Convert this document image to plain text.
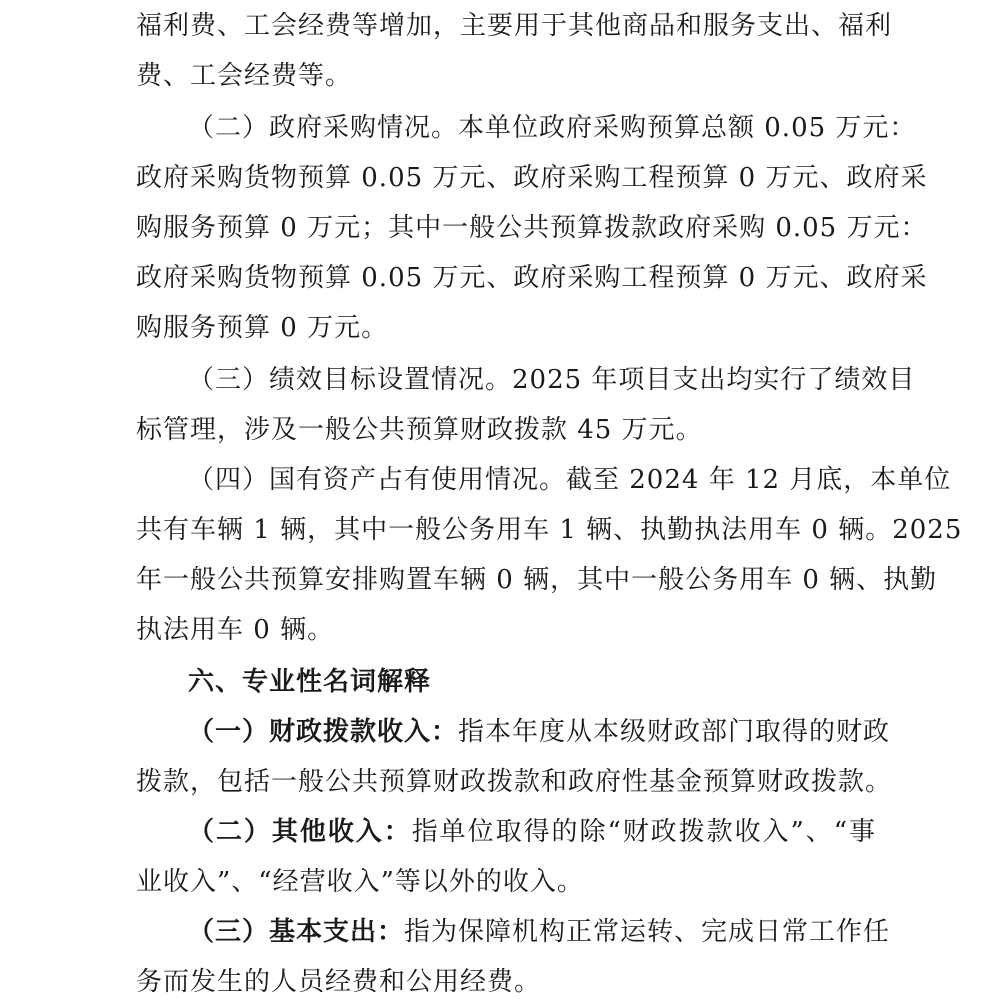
福利费、工会经费等增加，主要用于其他商品和服务支出、福利
费、工会经费等。
（二）政府采购情况。本单位政府采购预算总额 0.05 万元：
政府采购货物预算 0.05 万元、政府采购工程预算 0 万元、政府采
购服务预算 0 万元；其中一般公共预算拨款政府采购 0.05 万元：
政府采购货物预算 0.05 万元、政府采购工程预算 0 万元、政府采
购服务预算 0 万元。
（三）绩效目标设置情况。2025 年项目支出均实行了绩效目
标管理，涉及一般公共预算财政拨款 45 万元。
（四）国有资产占有使用情况。截至 2024 年 12 月底，本单位
共有车辆 1 辆，其中一般公务用车 1 辆、执勤执法用车 0 辆。2025
年一般公共预算安排购置车辆 0 辆，其中一般公务用车 0 辆、执勤
执法用车 0 辆。
六、专业性名词解释
（一）财政拨款收入：指本年度从本级财政部门取得的财政
拨款，包括一般公共预算财政拨款和政府性基金预算财政拨款。
（二）其他收入：指单位取得的除“财政拨款收入”、“事
业收入”、“经营收入”等以外的收入。
（三）基本支出：指为保障机构正常运转、完成日常工作任
务而发生的人员经费和公用经费。
